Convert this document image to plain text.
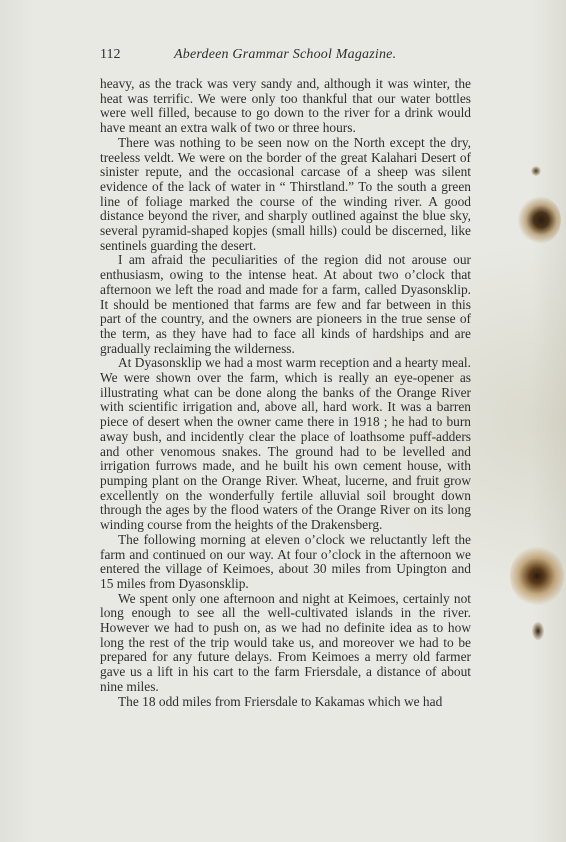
112	Aberdeen Grammar School Magazine.

heavy, as the track was very sandy and, although it was winter, the heat was terrific. We were only too thankful that our water bottles were well filled, because to go down to the river for a drink would have meant an extra walk of two or three hours.

There was nothing to be seen now on the North except the dry, treeless veldt. We were on the border of the great Kalahari Desert of sinister repute, and the occasional carcase of a sheep was silent evidence of the lack of water in “ Thirstland.” To the south a green line of foliage marked the course of the winding river. A good distance beyond the river, and sharply outlined against the blue sky, several pyramid-shaped kopjes (small hills) could be discerned, like sentinels guarding the desert.

I am afraid the peculiarities of the region did not arouse our enthusiasm, owing to the intense heat. At about two o’clock that afternoon we left the road and made for a farm, called Dyasonsklip. It should be mentioned that farms are few and far between in this part of the country, and the owners are pioneers in the true sense of the term, as they have had to face all kinds of hardships and are gradually reclaiming the wilderness.

At Dyasonsklip we had a most warm reception and a hearty meal. We were shown over the farm, which is really an eye-opener as illustrating what can be done along the banks of the Orange River with scientific irrigation and, above all, hard work. It was a barren piece of desert when the owner came there in 1918 ; he had to burn away bush, and incidently clear the place of loathsome puff-adders and other venomous snakes. The ground had to be levelled and irrigation furrows made, and he built his own cement house, with pumping plant on the Orange River. Wheat, lucerne, and fruit grow excellently on the wonderfully fertile alluvial soil brought down through the ages by the flood waters of the Orange River on its long winding course from the heights of the Drakensberg.

The following morning at eleven o’clock we reluctantly left the farm and continued on our way. At four o’clock in the afternoon we entered the village of Keimoes, about 30 miles from Upington and 15 miles from Dyasonsklip.

We spent only one afternoon and night at Keimoes, certainly not long enough to see all the well-cultivated islands in the river. However we had to push on, as we had no definite idea as to how long the rest of the trip would take us, and moreover we had to be prepared for any future delays. From Keimoes a merry old farmer gave us a lift in his cart to the farm Friersdale, a distance of about nine miles.

The 18 odd miles from Friersdale to Kakamas which we had
